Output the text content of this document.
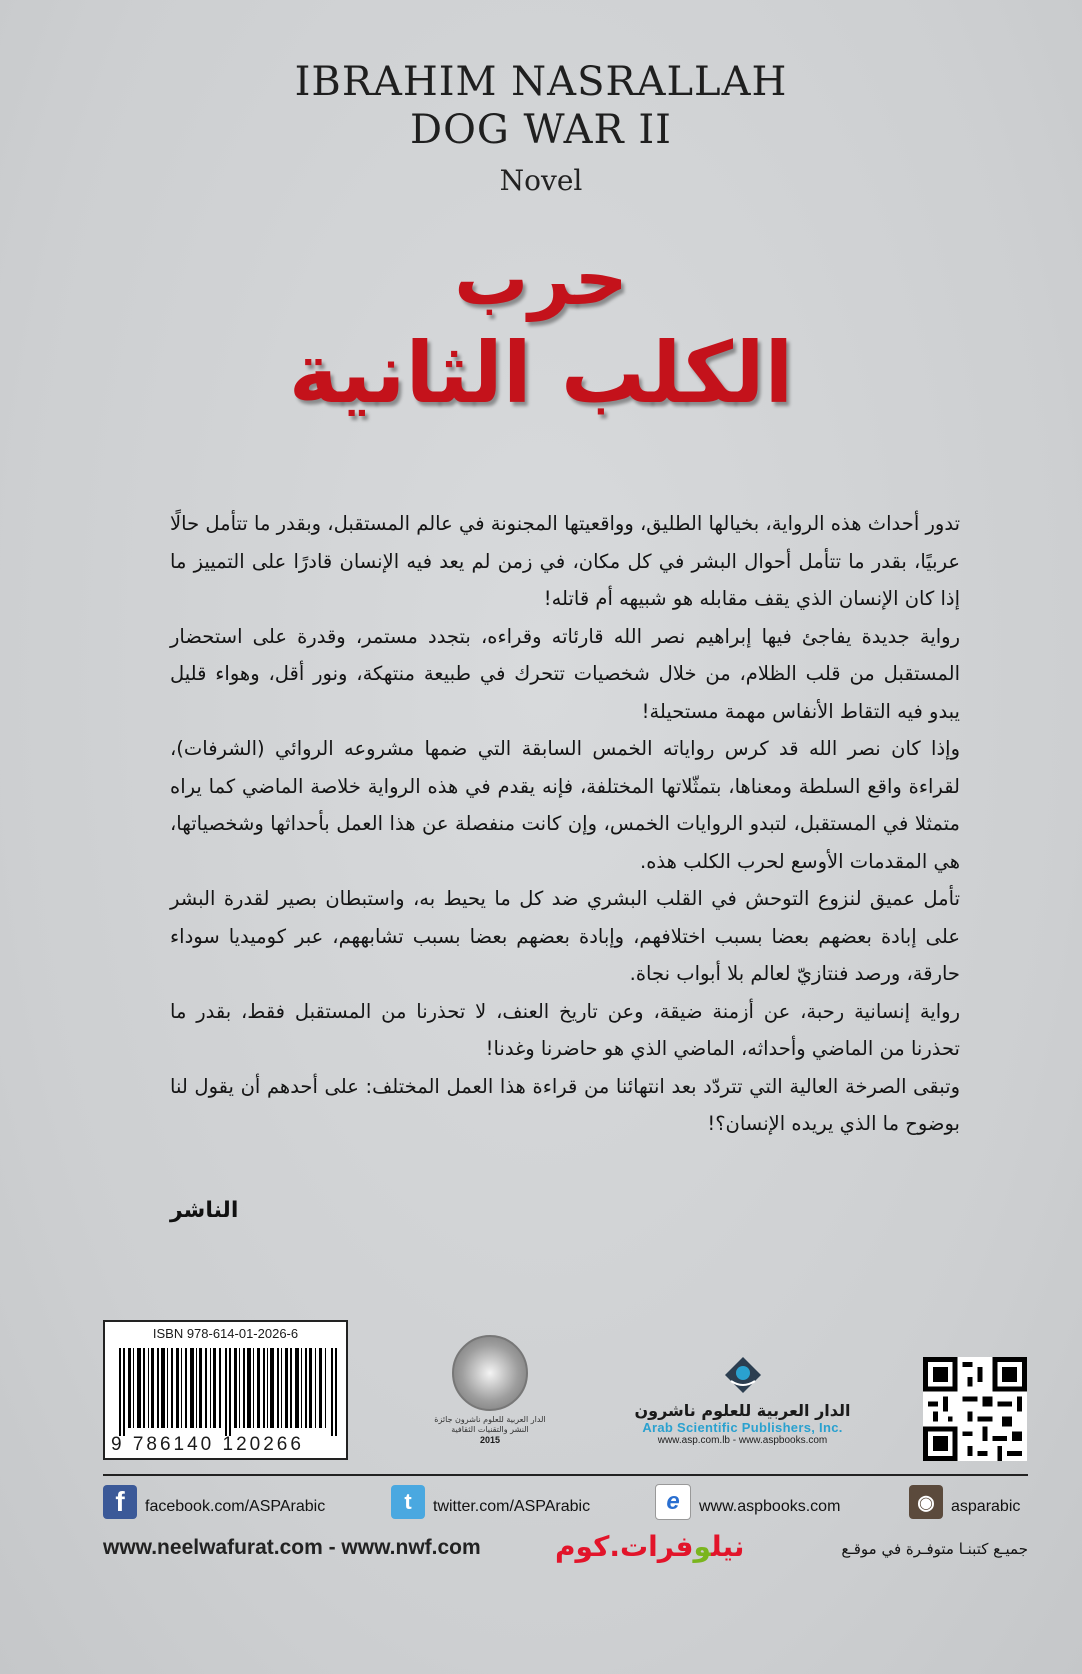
IBRAHIM NASRALLAH
DOG WAR II
Novel
حرب
الكلب الثانية

تدور أحداث هذه الرواية، بخيالها الطليق، وواقعيتها المجنونة في عالم المستقبل، وبقدر ما تتأمل حالًا عربيًا، بقدر ما تتأمل أحوال البشر في كل مكان، في زمن لم يعد فيه الإنسان قادرًا على التمييز ما إذا كان الإنسان الذي يقف مقابله هو شبيهه أم قاتله!

رواية جديدة يفاجئ فيها إبراهيم نصر الله قارئاته وقراءه، بتجدد مستمر، وقدرة على استحضار المستقبل من قلب الظلام، من خلال شخصيات تتحرك في طبيعة منتهكة، ونور أقل، وهواء قليل يبدو فيه التقاط الأنفاس مهمة مستحيلة!

وإذا كان نصر الله قد كرس رواياته الخمس السابقة التي ضمها مشروعه الروائي (الشرفات)، لقراءة واقع السلطة ومعناها، بتمثّلاتها المختلفة، فإنه يقدم في هذه الرواية خلاصة الماضي كما يراه متمثلا في المستقبل، لتبدو الروايات الخمس، وإن كانت منفصلة عن هذا العمل بأحداثها وشخصياتها، هي المقدمات الأوسع لحرب الكلب هذه.

تأمل عميق لنزوع التوحش في القلب البشري ضد كل ما يحيط به، واستبطان بصير لقدرة البشر على إبادة بعضهم بعضا بسبب اختلافهم، وإبادة بعضهم بعضا بسبب تشابههم، عبر كوميديا سوداء حارقة، ورصد فنتازيّ لعالم بلا أبواب نجاة.

رواية إنسانية رحبة، عن أزمنة ضيقة، وعن تاريخ العنف، لا تحذرنا من المستقبل فقط، بقدر ما تحذرنا من الماضي وأحداثه، الماضي الذي هو حاضرنا وغدنا!

وتبقى الصرخة العالية التي تتردّد بعد انتهائنا من قراءة هذا العمل المختلف: على أحدهم أن يقول لنا بوضوح ما الذي يريده الإنسان؟!

الناشر
ISBN 978-614-01-2026-6
9 786140 120266
الدار العربية للعلوم ناشرون جائزة النشر والتقنيات الثقافية
2015
الدار العربية للعلوم ناشرون
Arab Scientific Publishers, Inc.
www.asp.com.lb - www.aspbooks.com
f	facebook.com/ASPArabic	t	twitter.com/ASPArabic	e	www.aspbooks.com	◉	asparabic
www.neelwafurat.com - www.nwf.com	نيلوفرات.كوم	جميـع كتبنـا متوفـرة في موقـع
